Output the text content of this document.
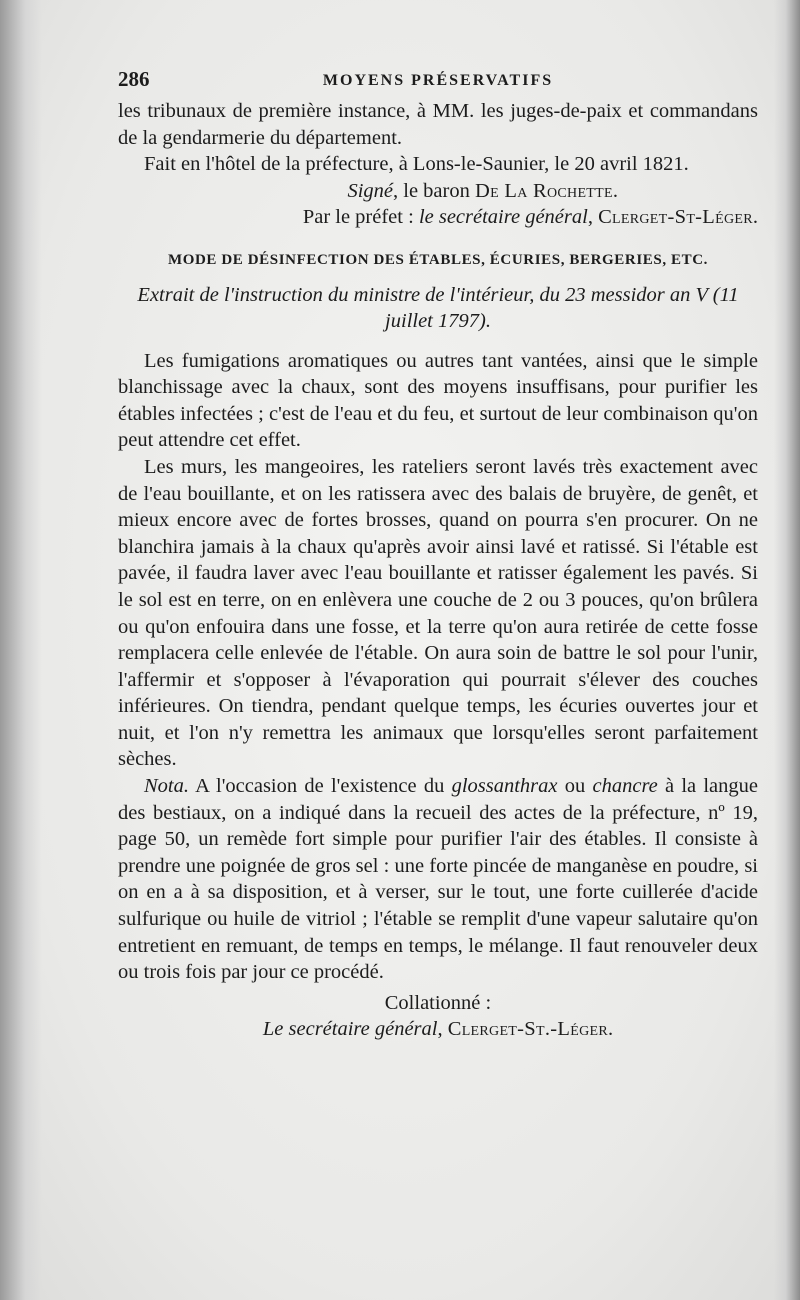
286	MOYENS PRÉSERVATIFS

les tribunaux de première instance, à MM. les juges-de-paix et commandans de la gendarmerie du département.

Fait en l'hôtel de la préfecture, à Lons-le-Saunier, le 20 avril 1821.

Signé, le baron De La Rochette.

Par le préfet : le secrétaire général, Clerget-St-Léger.

MODE DE DÉSINFECTION DES ÉTABLES, ÉCURIES, BERGERIES, ETC.
Extrait de l'instruction du ministre de l'intérieur, du 23 messidor an V (11 juillet 1797).

Les fumigations aromatiques ou autres tant vantées, ainsi que le simple blanchissage avec la chaux, sont des moyens insuffisans, pour purifier les étables infectées ; c'est de l'eau et du feu, et surtout de leur combinaison qu'on peut attendre cet effet.

Les murs, les mangeoires, les rateliers seront lavés très exactement avec de l'eau bouillante, et on les ratissera avec des balais de bruyère, de genêt, et mieux encore avec de fortes brosses, quand on pourra s'en procurer. On ne blanchira jamais à la chaux qu'après avoir ainsi lavé et ratissé. Si l'étable est pavée, il faudra laver avec l'eau bouillante et ratisser également les pavés. Si le sol est en terre, on en enlèvera une couche de 2 ou 3 pouces, qu'on brûlera ou qu'on enfouira dans une fosse, et la terre qu'on aura retirée de cette fosse remplacera celle enlevée de l'étable. On aura soin de battre le sol pour l'unir, l'affermir et s'opposer à l'évaporation qui pourrait s'élever des couches inférieures. On tiendra, pendant quelque temps, les écuries ouvertes jour et nuit, et l'on n'y remettra les animaux que lorsqu'elles seront parfaitement sèches.

Nota. A l'occasion de l'existence du glossanthrax ou chancre à la langue des bestiaux, on a indiqué dans la recueil des actes de la préfecture, nº 19, page 50, un remède fort simple pour purifier l'air des étables. Il consiste à prendre une poignée de gros sel : une forte pincée de manganèse en poudre, si on en a à sa disposition, et à verser, sur le tout, une forte cuillerée d'acide sulfurique ou huile de vitriol ; l'étable se remplit d'une vapeur salutaire qu'on entretient en remuant, de temps en temps, le mélange. Il faut renouveler deux ou trois fois par jour ce procédé.

Collationné :

Le secrétaire général, Clerget-St.-Léger.
